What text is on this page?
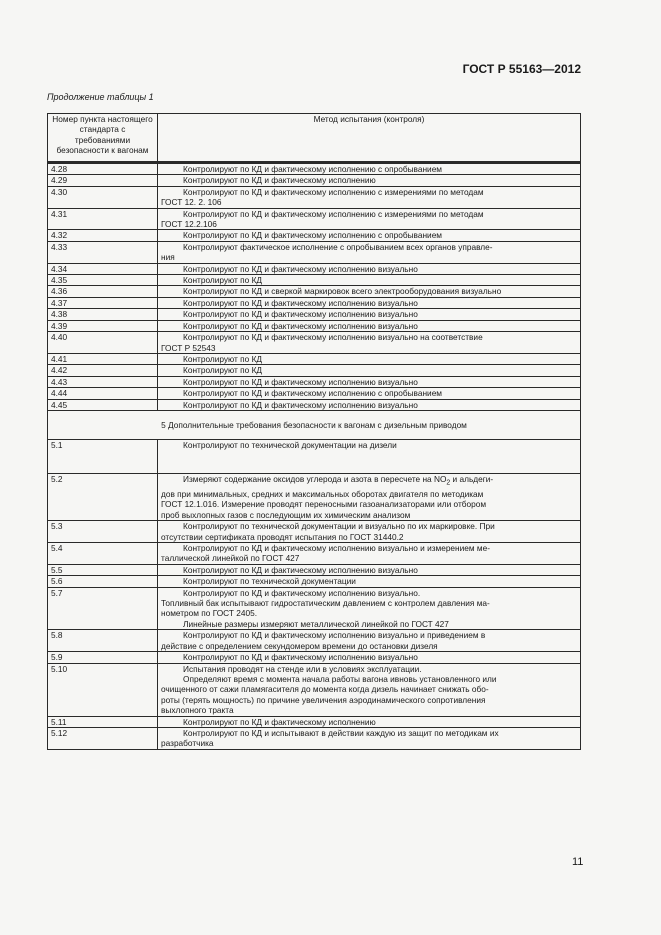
ГОСТ Р 55163—2012
Продолжение таблицы 1
Номер пункта настоящего стандарта с требованиями безопасности к вагонам	Метод испытания (контроля)
4.28	Контролируют по КД и фактическому исполнению с опробыванием

4.29	Контролируют по КД и фактическому исполнению

4.30	Контролируют по КД и фактическому исполнению с измерениями по методам
ГОСТ 12. 2. 106

4.31	Контролируют по КД и фактическому исполнению с измерениями по методам
ГОСТ 12.2.106

4.32	Контролируют по КД и фактическому исполнению с опробыванием

4.33	Контролируют фактическое исполнение с опробыванием всех органов управле-
ния

4.34	Контролируют по КД и фактическому исполнению визуально

4.35	Контролируют по КД

4.36	Контролируют по КД и сверкой маркировок всего электрооборудования визуально

4.37	Контролируют по КД и фактическому исполнению визуально

4.38	Контролируют по КД и фактическому исполнению визуально

4.39	Контролируют по КД и фактическому исполнению визуально

4.40	Контролируют по КД и фактическому исполнению визуально на соответствие
ГОСТ Р 52543

4.41	Контролируют по КД

4.42	Контролируют по КД

4.43	Контролируют по КД и фактическому исполнению визуально

4.44	Контролируют по КД и фактическому исполнению с опробыванием

4.45	Контролируют по КД и фактическому исполнению визуально

5 Дополнительные требования безопасности к вагонам с дизельным приводом	
5.1	Контролируют по технической документации на дизели
5.2	Измеряют содержание оксидов углерода и азота в пересчете на $NO_2$ и альдеги-
дов при минимальных, средних и максимальных оборотах двигателя по методикам
ГОСТ 12.1.016. Измерение проводят переносными газоанализаторами или отбором
проб выхлопных газов с последующим их химическим анализом

5.3	Контролируют по технической документации и визуально по их маркировке. При
отсутствии сертификата проводят испытания по ГОСТ 31440.2

5.4	Контролируют по КД и фактическому исполнению визуально и измерением ме-
таллической линейкой по ГОСТ 427

5.5	Контролируют по КД и фактическому исполнению визуально
5.6	Контролируют по технической документации
5.7	Контролируют по КД и фактическому исполнению визуально.
Топливный бак испытывают гидростатическим давлением с контролем давления ма-
нометром по ГОСТ 2405.
Линейные размеры измеряют металлической линейкой по ГОСТ 427

5.8	Контролируют по КД и фактическому исполнению визуально и приведением в
действие с определением секундомером времени до остановки дизеля

5.9	Контролируют по КД и фактическому исполнению визуально
5.10	Испытания проводят на стенде или в условиях эксплуатации.
Определяют время с момента начала работы вагона ивновь установленного или
очищенного от сажи пламягасителя до момента когда дизель начинает снижать обо-
роты (терять мощность) по причине увеличения аэродинамического сопротивления
выхлопного тракта

5.11	Контролируют по КД и фактическому исполнению
5.12	Контролируют по КД и испытывают в действии каждую из защит по методикам их
разработчика
11
